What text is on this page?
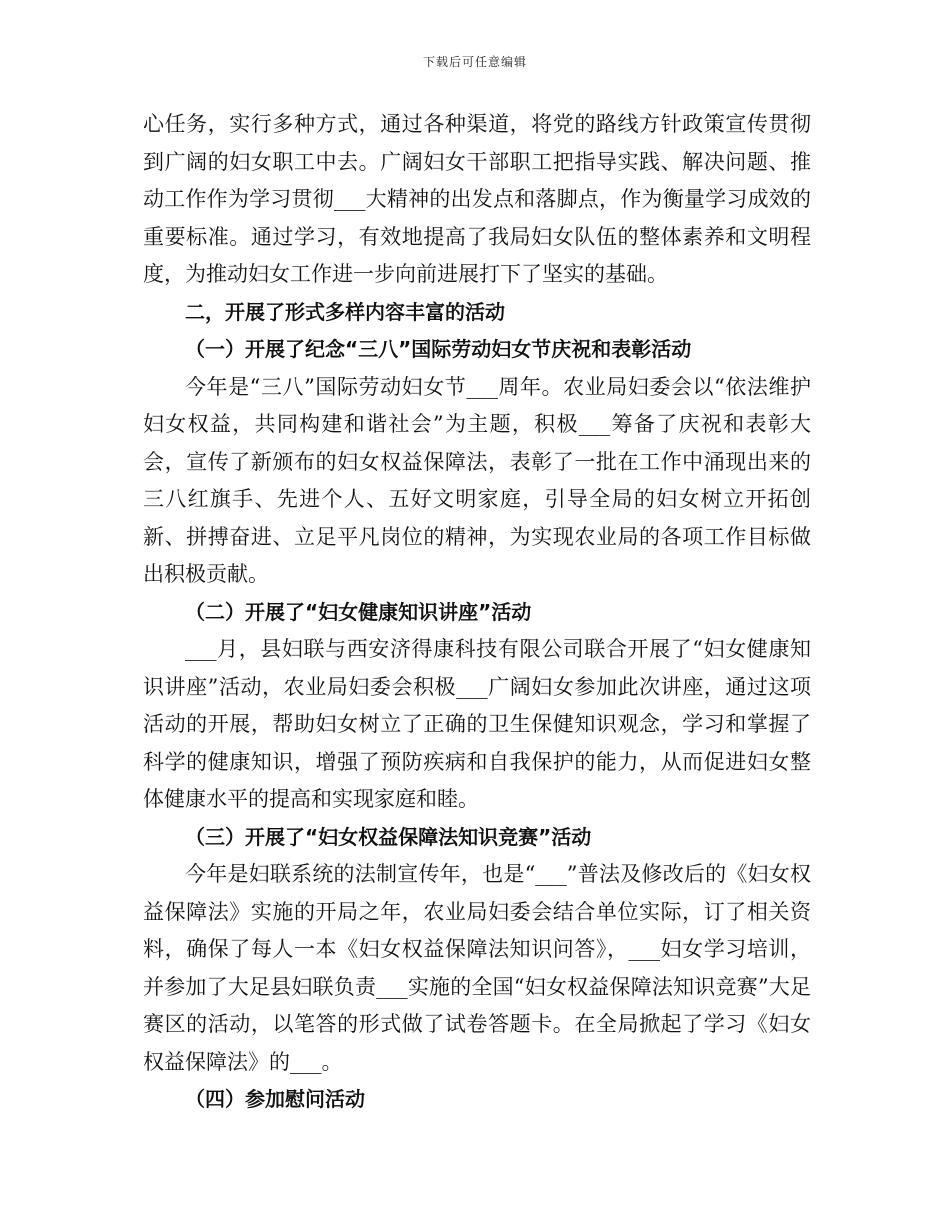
下载后可任意编辑

心任务，实行多种方式，通过各种渠道，将党的路线方针政策宣传贯彻到广阔的妇女职工中去。广阔妇女干部职工把指导实践、解决问题、推动工作作为学习贯彻___大精神的出发点和落脚点，作为衡量学习成效的重要标准。通过学习，有效地提高了我局妇女队伍的整体素养和文明程度，为推动妇女工作进一步向前进展打下了坚实的基础。

二，开展了形式多样内容丰富的活动

（一）开展了纪念“三八”国际劳动妇女节庆祝和表彰活动

今年是“三八”国际劳动妇女节___周年。农业局妇委会以“依法维护妇女权益，共同构建和谐社会”为主题，积极___筹备了庆祝和表彰大会，宣传了新颁布的妇女权益保障法，表彰了一批在工作中涌现出来的三八红旗手、先进个人、五好文明家庭，引导全局的妇女树立开拓创新、拼搏奋进、立足平凡岗位的精神，为实现农业局的各项工作目标做出积极贡献。

（二）开展了“妇女健康知识讲座”活动

___月，县妇联与西安济得康科技有限公司联合开展了“妇女健康知识讲座”活动，农业局妇委会积极___广阔妇女参加此次讲座，通过这项活动的开展，帮助妇女树立了正确的卫生保健知识观念，学习和掌握了科学的健康知识，增强了预防疾病和自我保护的能力，从而促进妇女整体健康水平的提高和实现家庭和睦。

（三）开展了“妇女权益保障法知识竞赛”活动

今年是妇联系统的法制宣传年，也是“___”普法及修改后的《妇女权益保障法》实施的开局之年，农业局妇委会结合单位实际，订了相关资料，确保了每人一本《妇女权益保障法知识问答》，___妇女学习培训，并参加了大足县妇联负责___实施的全国“妇女权益保障法知识竞赛”大足赛区的活动，以笔答的形式做了试卷答题卡。在全局掀起了学习《妇女权益保障法》的___。

（四）参加慰问活动
